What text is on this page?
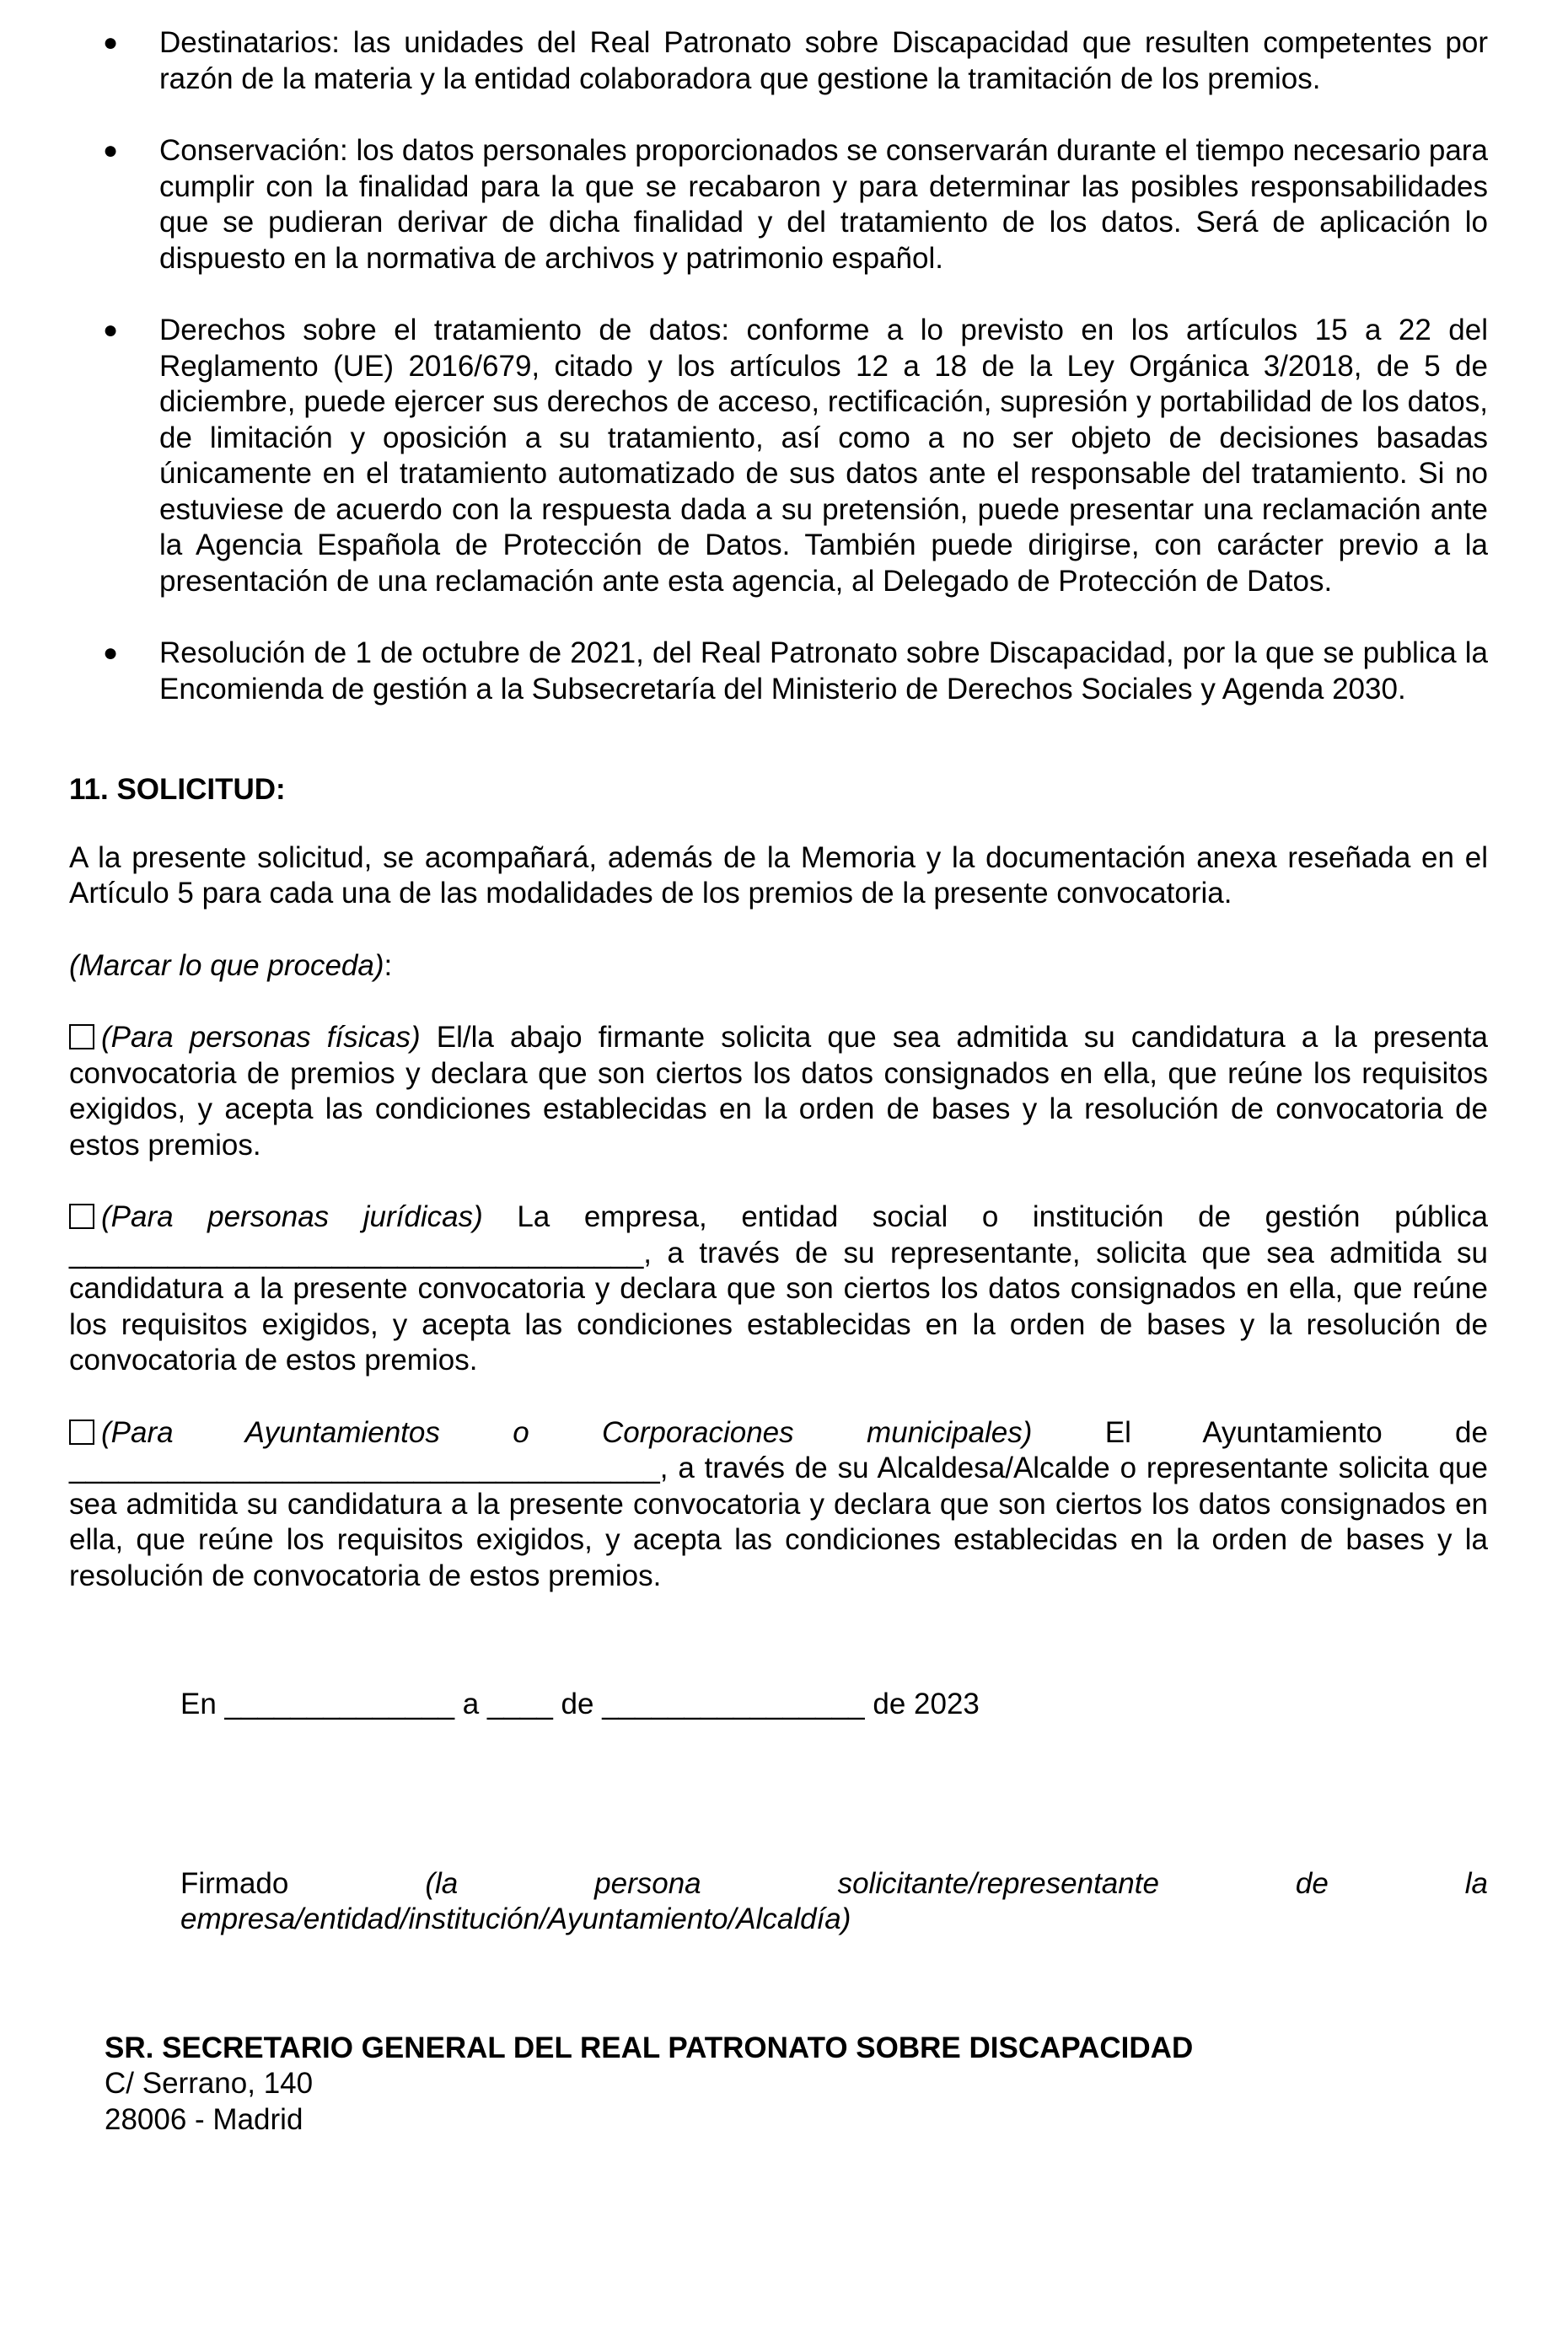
● Destinatarios: las unidades del Real Patronato sobre Discapacidad que resulten competentes por razón de la materia y la entidad colaboradora que gestione la tramitación de los premios.

● Conservación: los datos personales proporcionados se conservarán durante el tiempo necesario para cumplir con la finalidad para la que se recabaron y para determinar las posibles responsabilidades que se pudieran derivar de dicha finalidad y del tratamiento de los datos. Será de aplicación lo dispuesto en la normativa de archivos y patrimonio español.

● Derechos sobre el tratamiento de datos: conforme a lo previsto en los artículos 15 a 22 del Reglamento (UE) 2016/679, citado y los artículos 12 a 18 de la Ley Orgánica 3/2018, de 5 de diciembre, puede ejercer sus derechos de acceso, rectificación, supresión y portabilidad de los datos, de limitación y oposición a su tratamiento, así como a no ser objeto de decisiones basadas únicamente en el tratamiento automatizado de sus datos ante el responsable del tratamiento. Si no estuviese de acuerdo con la respuesta dada a su pretensión, puede presentar una reclamación ante la Agencia Española de Protección de Datos. También puede dirigirse, con carácter previo a la presentación de una reclamación ante esta agencia, al Delegado de Protección de Datos.

● Resolución de 1 de octubre de 2021, del Real Patronato sobre Discapacidad, por la que se publica la Encomienda de gestión a la Subsecretaría del Ministerio de Derechos Sociales y Agenda 2030.

11. SOLICITUD:

A la presente solicitud, se acompañará, además de la Memoria y la documentación anexa reseñada en el Artículo 5 para cada una de las modalidades de los premios de la presente convocatoria.

(Marcar lo que proceda):

(Para personas físicas) El/la abajo firmante solicita que sea admitida su candidatura a la presenta convocatoria de premios y declara que son ciertos los datos consignados en ella, que reúne los requisitos exigidos, y acepta las condiciones establecidas en la orden de bases y la resolución de convocatoria de estos premios.

(Para personas jurídicas) La empresa, entidad social o institución de gestión pública ___________________________________, a través de su representante, solicita que sea admitida su candidatura a la presente convocatoria y declara que son ciertos los datos consignados en ella, que reúne los requisitos exigidos, y acepta las condiciones establecidas en la orden de bases y la resolución de convocatoria de estos premios.

(Para Ayuntamientos o Corporaciones municipales) El Ayuntamiento de ____________________________________, a través de su Alcaldesa/Alcalde o representante solicita que sea admitida su candidatura a la presente convocatoria y declara que son ciertos los datos consignados en ella, que reúne los requisitos exigidos, y acepta las condiciones establecidas en la orden de bases y la resolución de convocatoria de estos premios.

En ______________ a ____ de ________________ de 2023

Firmado	(la	persona	solicitante/representante	de	la
empresa/entidad/institución/Ayuntamiento/Alcaldía)
SR. SECRETARIO GENERAL DEL REAL PATRONATO SOBRE DISCAPACIDAD
C/ Serrano, 140
28006 - Madrid
